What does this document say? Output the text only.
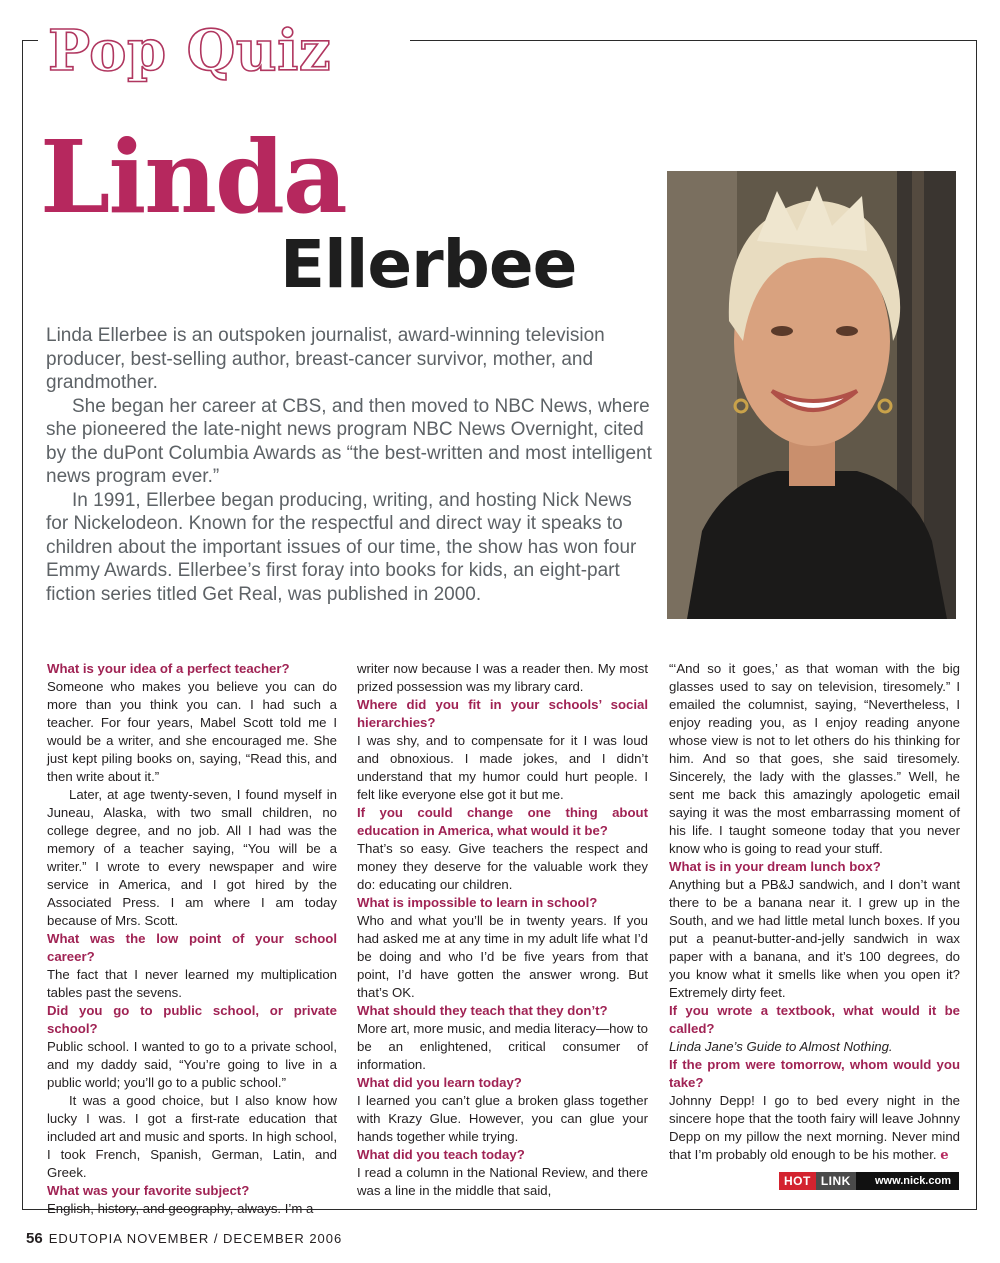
Pop Quiz
Linda
Ellerbee

Linda Ellerbee is an outspoken journalist, award-winning television producer, best-selling author, breast-cancer survivor, mother, and grandmother.

She began her career at CBS, and then moved to NBC News, where she pioneered the late-night news program NBC News Overnight, cited by the duPont Columbia Awards as “the best-written and most intelligent news program ever.”

In 1991, Ellerbee began producing, writing, and hosting Nick News for Nickelodeon. Known for the respectful and direct way it speaks to children about the important issues of our time, the show has won four Emmy Awards. Ellerbee’s first foray into books for kids, an eight-part fiction series titled Get Real, was published in 2000.

What is your idea of a perfect teacher?

Someone who makes you believe you can do more than you think you can. I had such a teacher. For four years, Mabel Scott told me I would be a writer, and she encouraged me. She just kept piling books on, saying, “Read this, and then write about it.”

Later, at age twenty-seven, I found myself in Juneau, Alaska, with two small children, no college degree, and no job. All I had was the memory of a teacher saying, “You will be a writer.” I wrote to every newspaper and wire service in America, and I got hired by the Associated Press. I am where I am today because of Mrs. Scott.

What was the low point of your school career?

The fact that I never learned my multiplication tables past the sevens.

Did you go to public school, or private school?

Public school. I wanted to go to a private school, and my daddy said, “You’re going to live in a public world; you’ll go to a public school.”

It was a good choice, but I also know how lucky I was. I got a first-rate education that included art and music and sports. In high school, I took French, Spanish, German, Latin, and Greek.

What was your favorite subject?

English, history, and geography, always. I’m a

writer now because I was a reader then. My most prized possession was my library card.

Where did you fit in your schools’ social hierarchies?

I was shy, and to compensate for it I was loud and obnoxious. I made jokes, and I didn’t understand that my humor could hurt people. I felt like everyone else got it but me.

If you could change one thing about education in America, what would it be?

That’s so easy. Give teachers the respect and money they deserve for the valuable work they do: educating our children.

What is impossible to learn in school?

Who and what you’ll be in twenty years. If you had asked me at any time in my adult life what I’d be doing and who I’d be five years from that point, I’d have gotten the answer wrong. But that’s OK.

What should they teach that they don’t?

More art, more music, and media literacy—how to be an enlightened, critical consumer of information.

What did you learn today?

I learned you can’t glue a broken glass together with Krazy Glue. However, you can glue your hands together while trying.

What did you teach today?

I read a column in the National Review, and there was a line in the middle that said,

“‘And so it goes,’ as that woman with the big glasses used to say on television, tiresomely.” I emailed the columnist, saying, “Nevertheless, I enjoy reading you, as I enjoy reading anyone whose view is not to let others do his thinking for him. And so that goes, she said tiresomely. Sincerely, the lady with the glasses.” Well, he sent me back this amazingly apologetic email saying it was the most embarrassing moment of his life. I taught someone today that you never know who is going to read your stuff.

What is in your dream lunch box?

Anything but a PB&J sandwich, and I don’t want there to be a banana near it. I grew up in the South, and we had little metal lunch boxes. If you put a peanut-butter-and-jelly sandwich in wax paper with a banana, and it’s 100 degrees, do you know what it smells like when you open it? Extremely dirty feet.

If you wrote a textbook, what would it be called?

Linda Jane’s Guide to Almost Nothing.

If the prom were tomorrow, whom would you take?

Johnny Depp! I go to bed every night in the sincere hope that the tooth fairy will leave Johnny Depp on my pillow the next morning. Never mind that I’m probably old enough to be his mother. e

HOT LINK	www.nick.com
56 EDUTOPIA NOVEMBER / DECEMBER 2006
